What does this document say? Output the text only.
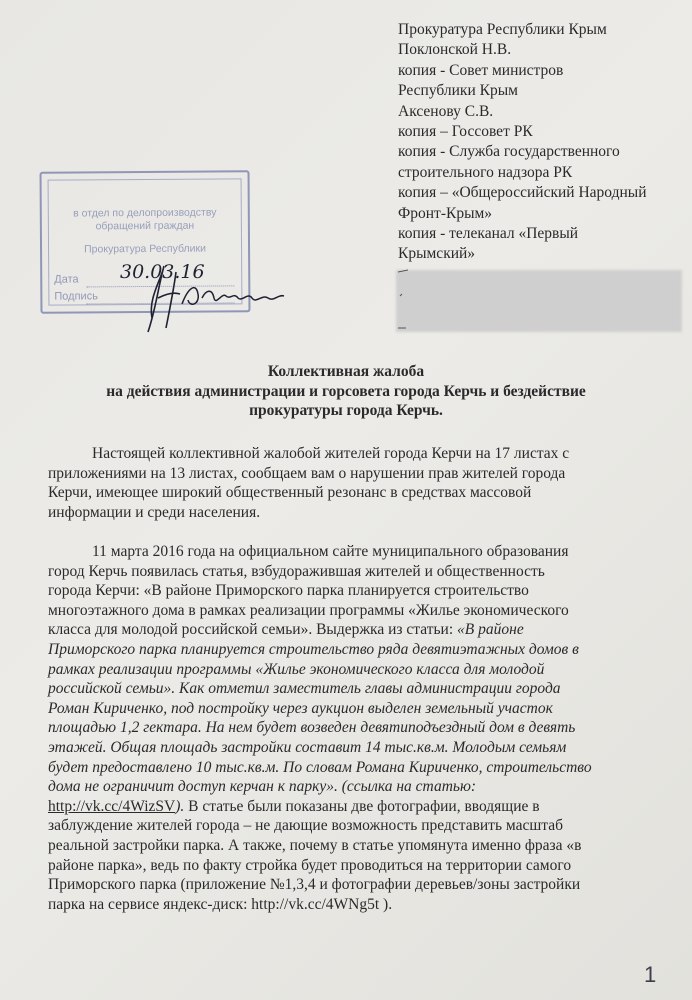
в отдел по делопроизводству
обращений граждан
Прокуратура Республики
Дата
Подпись
30.03.16
Прокуратура Республики Крым
Поклонской Н.В.
копия - Совет министров
Республики Крым
Аксенову С.В.
копия – Госсовет РК
копия - Служба государственного
строительного надзора РК
копия – «Общероссийский Народный
Фронт-Крым»
копия - телеканал «Первый
Крымский»
Коллективная жалоба
на действия администрации и горсовета города Керчь и бездействие
прокуратуры города Керчь.
Настоящей коллективной жалобой жителей города Керчи на 17 листах с
приложениями на 13 листах, сообщаем вам о нарушении прав жителей города
Керчи, имеющее широкий общественный резонанс в средствах массовой
информации и среди населения.
11 марта 2016 года на официальном сайте муниципального образования
город Керчь появилась статья, взбудоражившая жителей и общественность
города Керчи: «В районе Приморского парка планируется строительство
многоэтажного дома в рамках реализации программы «Жилье экономического
класса для молодой российской семьи». Выдержка из статьи: «В районе
Приморского парка планируется строительство ряда девятиэтажных домов в
рамках реализации программы «Жилье экономического класса для молодой
российской семьи». Как отметил заместитель главы администрации города
Роман Кириченко, под постройку через аукцион выделен земельный участок
площадью 1,2 гектара. На нем будет возведен девятиподъездный дом в девять
этажей. Общая площадь застройки составит 14 тыс.кв.м. Молодым семьям
будет предоставлено 10 тыс.кв.м. По словам Романа Кириченко, строительство
дома не ограничит доступ керчан к парку». (ссылка на статью:
http://vk.cc/4WizSV). В статье были показаны две фотографии, вводящие в
заблуждение жителей города – не дающие возможность представить масштаб
реальной застройки парка. А также, почему в статье упомянута именно фраза «в
районе парка», ведь по факту стройка будет проводиться на территории самого
Приморского парка (приложение №1,3,4 и фотографии деревьев/зоны застройки
парка на сервисе яндекс-диск: http://vk.cc/4WNg5t ).
1
